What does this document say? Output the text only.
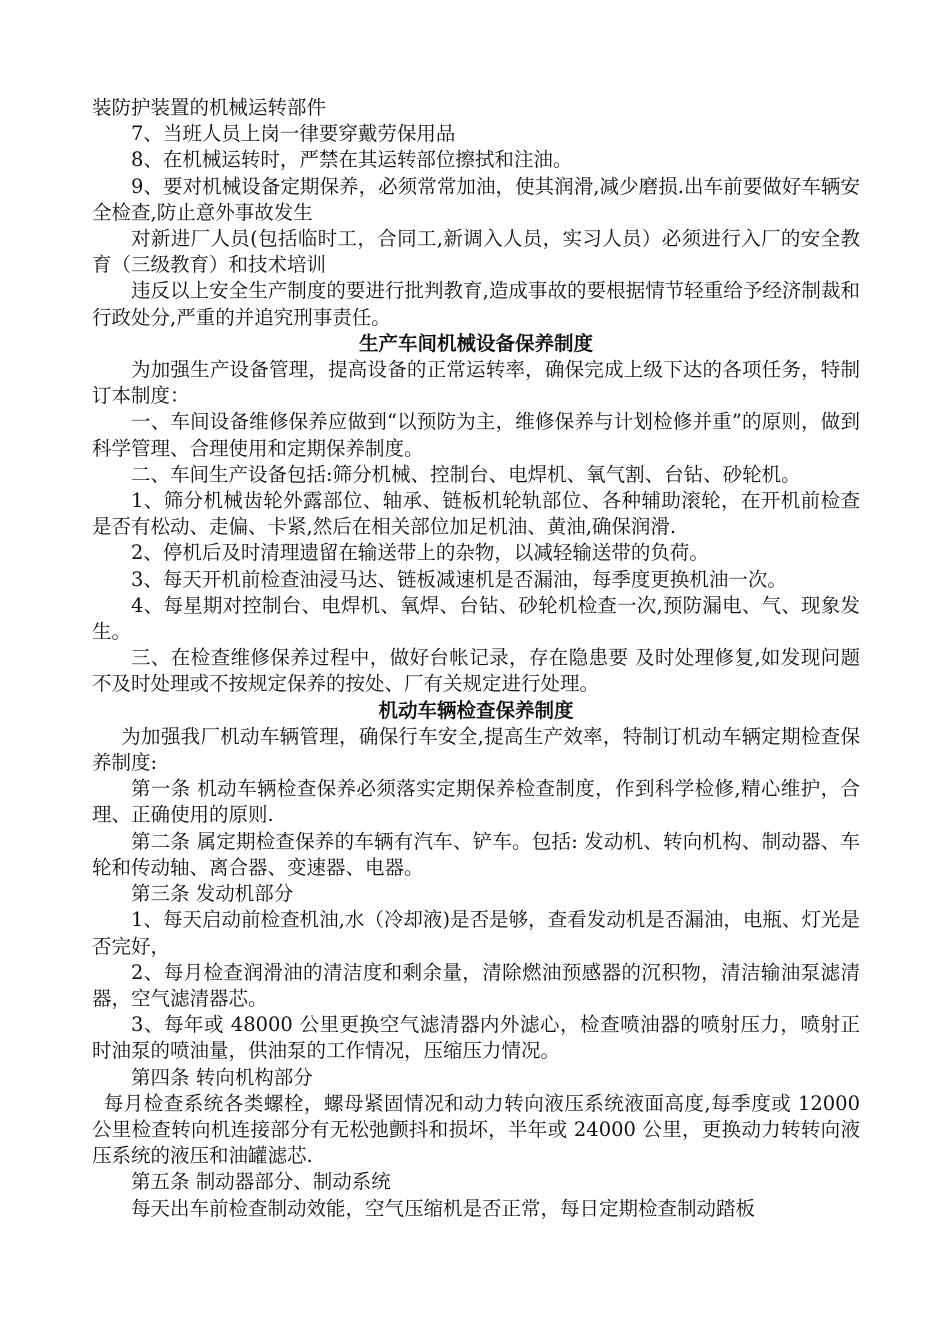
装防护装置的机械运转部件

7、当班人员上岗一律要穿戴劳保用品

8、在机械运转时，严禁在其运转部位擦拭和注油。

9、要对机械设备定期保养，必须常常加油，使其润滑,减少磨损.出车前要做好车辆安全检查,防止意外事故发生

对新进厂人员(包括临时工，合同工,新调入人员，实习人员）必须进行入厂的安全教育（三级教育）和技术培训

违反以上安全生产制度的要进行批判教育,造成事故的要根据情节轻重给予经济制裁和行政处分,严重的并追究刑事责任。

生产车间机械设备保养制度

为加强生产设备管理，提高设备的正常运转率，确保完成上级下达的各项任务，特制订本制度：

一、车间设备维修保养应做到“以预防为主，维修保养与计划检修并重”的原则，做到科学管理、合理使用和定期保养制度。

二、车间生产设备包括:筛分机械、控制台、电焊机、氧气割、台钻、砂轮机。

1、筛分机械齿轮外露部位、轴承、链板机轮轨部位、各种辅助滚轮，在开机前检查是否有松动、走偏、卡紧,然后在相关部位加足机油、黄油,确保润滑.

2、停机后及时清理遗留在输送带上的杂物，以减轻输送带的负荷。

3、每天开机前检查油浸马达、链板减速机是否漏油，每季度更换机油一次。

4、每星期对控制台、电焊机、氧焊、台钻、砂轮机检查一次,预防漏电、气、现象发生。

三、在检查维修保养过程中，做好台帐记录，存在隐患要 及时处理修复,如发现问题不及时处理或不按规定保养的按处、厂有关规定进行处理。

机动车辆检查保养制度

为加强我厂机动车辆管理，确保行车安全,提高生产效率，特制订机动车辆定期检查保养制度:

第一条 机动车辆检查保养必须落实定期保养检查制度，作到科学检修,精心维护，合理、正确使用的原则.

第二条 属定期检查保养的车辆有汽车、铲车。包括: 发动机、转向机构、制动器、车轮和传动轴、离合器、变速器、电器。

第三条 发动机部分

1、每天启动前检查机油,水（冷却液)是否是够，查看发动机是否漏油，电瓶、灯光是否完好，

2、每月检查润滑油的清洁度和剩余量，清除燃油预感器的沉积物，清洁输油泵滤清器，空气滤清器芯。

3、每年或 48000 公里更换空气滤清器内外滤心，检查喷油器的喷射压力，喷射正时油泵的喷油量，供油泵的工作情况，压缩压力情况。

第四条 转向机构部分

每月检查系统各类螺栓，螺母紧固情况和动力转向液压系统液面高度,每季度或 12000 公里检查转向机连接部分有无松弛颤抖和损坏，半年或 24000 公里，更换动力转转向液压系统的液压和油罐滤芯.

第五条 制动器部分、制动系统

每天出车前检查制动效能，空气压缩机是否正常，每日定期检查制动踏板
